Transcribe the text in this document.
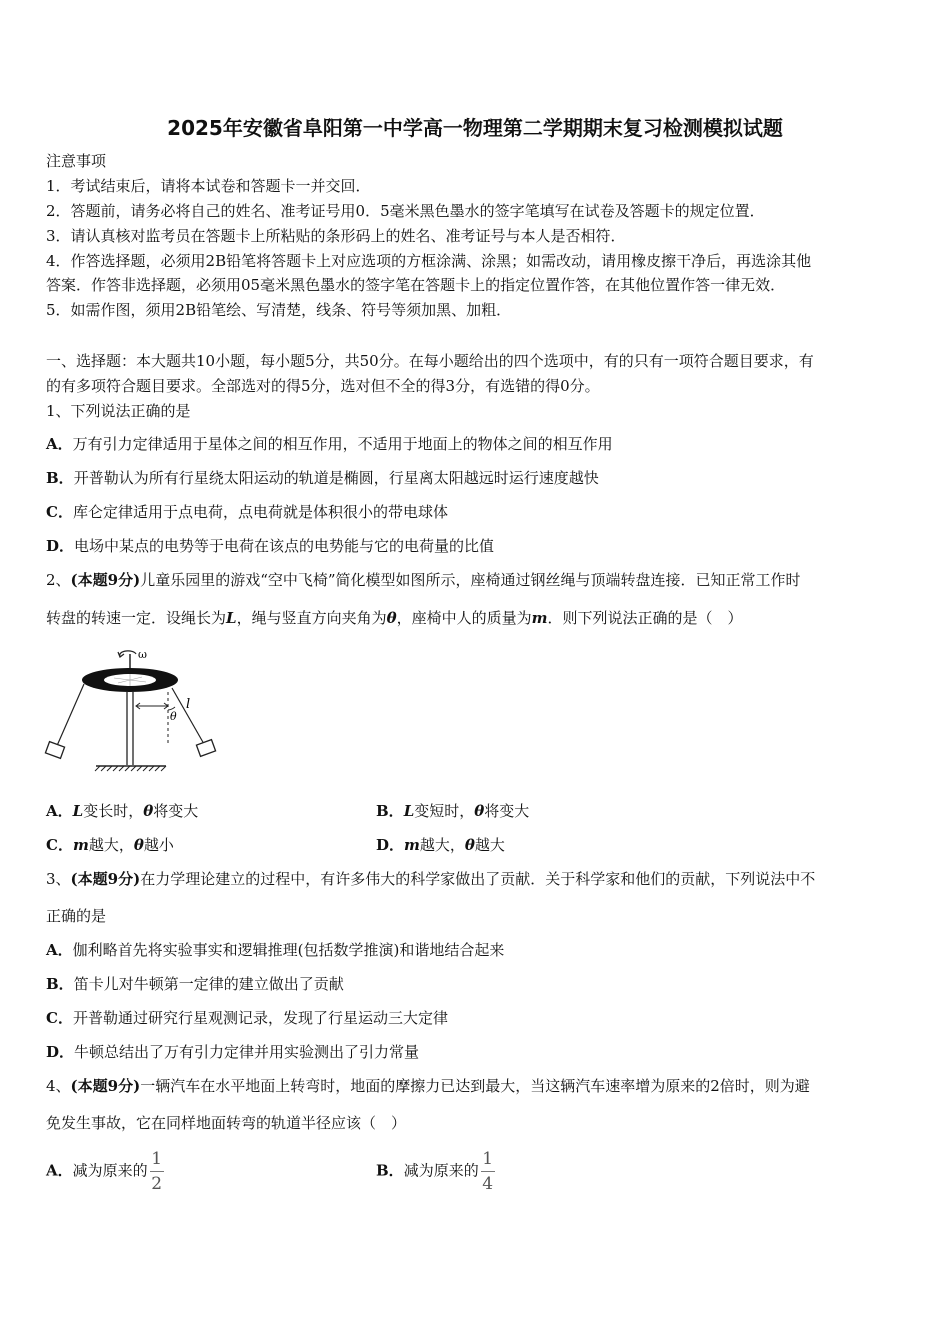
2025年安徽省阜阳第一中学高一物理第二学期期末复习检测模拟试题
注意事项
1．考试结束后，请将本试卷和答题卡一并交回．
2．答题前，请务必将自己的姓名、准考证号用0．5毫米黑色墨水的签字笔填写在试卷及答题卡的规定位置．
3．请认真核对监考员在答题卡上所粘贴的条形码上的姓名、准考证号与本人是否相符．
4．作答选择题，必须用2B铅笔将答题卡上对应选项的方框涂满、涂黑；如需改动，请用橡皮擦干净后，再选涂其他
答案．作答非选择题，必须用05毫米黑色墨水的签字笔在答题卡上的指定位置作答，在其他位置作答一律无效．
5．如需作图，须用2B铅笔绘、写清楚，线条、符号等须加黑、加粗．
一、选择题：本大题共10小题，每小题5分，共50分。在每小题给出的四个选项中，有的只有一项符合题目要求，有
的有多项符合题目要求。全部选对的得5分，选对但不全的得3分，有选错的得0分。
1、下列说法正确的是
A．万有引力定律适用于星体之间的相互作用，不适用于地面上的物体之间的相互作用
B．开普勒认为所有行星绕太阳运动的轨道是椭圆，行星离太阳越远时运行速度越快
C．库仑定律适用于点电荷，点电荷就是体积很小的带电球体
D．电场中某点的电势等于电荷在该点的电势能与它的电荷量的比值
2、(本题9分)儿童乐园里的游戏“空中飞椅”简化模型如图所示，座椅通过钢丝绳与顶端转盘连接．已知正常工作时
转盘的转速一定．设绳长为L，绳与竖直方向夹角为θ，座椅中人的质量为m．则下列说法正确的是（　）
ω
θ
l
A．L变长时，θ将变大	B．L变短时，θ将变大
C．m越大，θ越小	D．m越大，θ越大
3、(本题9分)在力学理论建立的过程中，有许多伟大的科学家做出了贡献．关于科学家和他们的贡献，下列说法中不
正确的是
A．伽利略首先将实验事实和逻辑推理(包括数学推演)和谐地结合起来
B．笛卡儿对牛顿第一定律的建立做出了贡献
C．开普勒通过研究行星观测记录，发现了行星运动三大定律
D．牛顿总结出了万有引力定律并用实验测出了引力常量
4、(本题9分)一辆汽车在水平地面上转弯时，地面的摩擦力已达到最大，当这辆汽车速率增为原来的2倍时，则为避
免发生事故，它在同样地面转弯的轨道半径应该（　）
A．减为原来的 $\frac{1}{2}$	B．减为原来的 $\frac{1}{4}$
